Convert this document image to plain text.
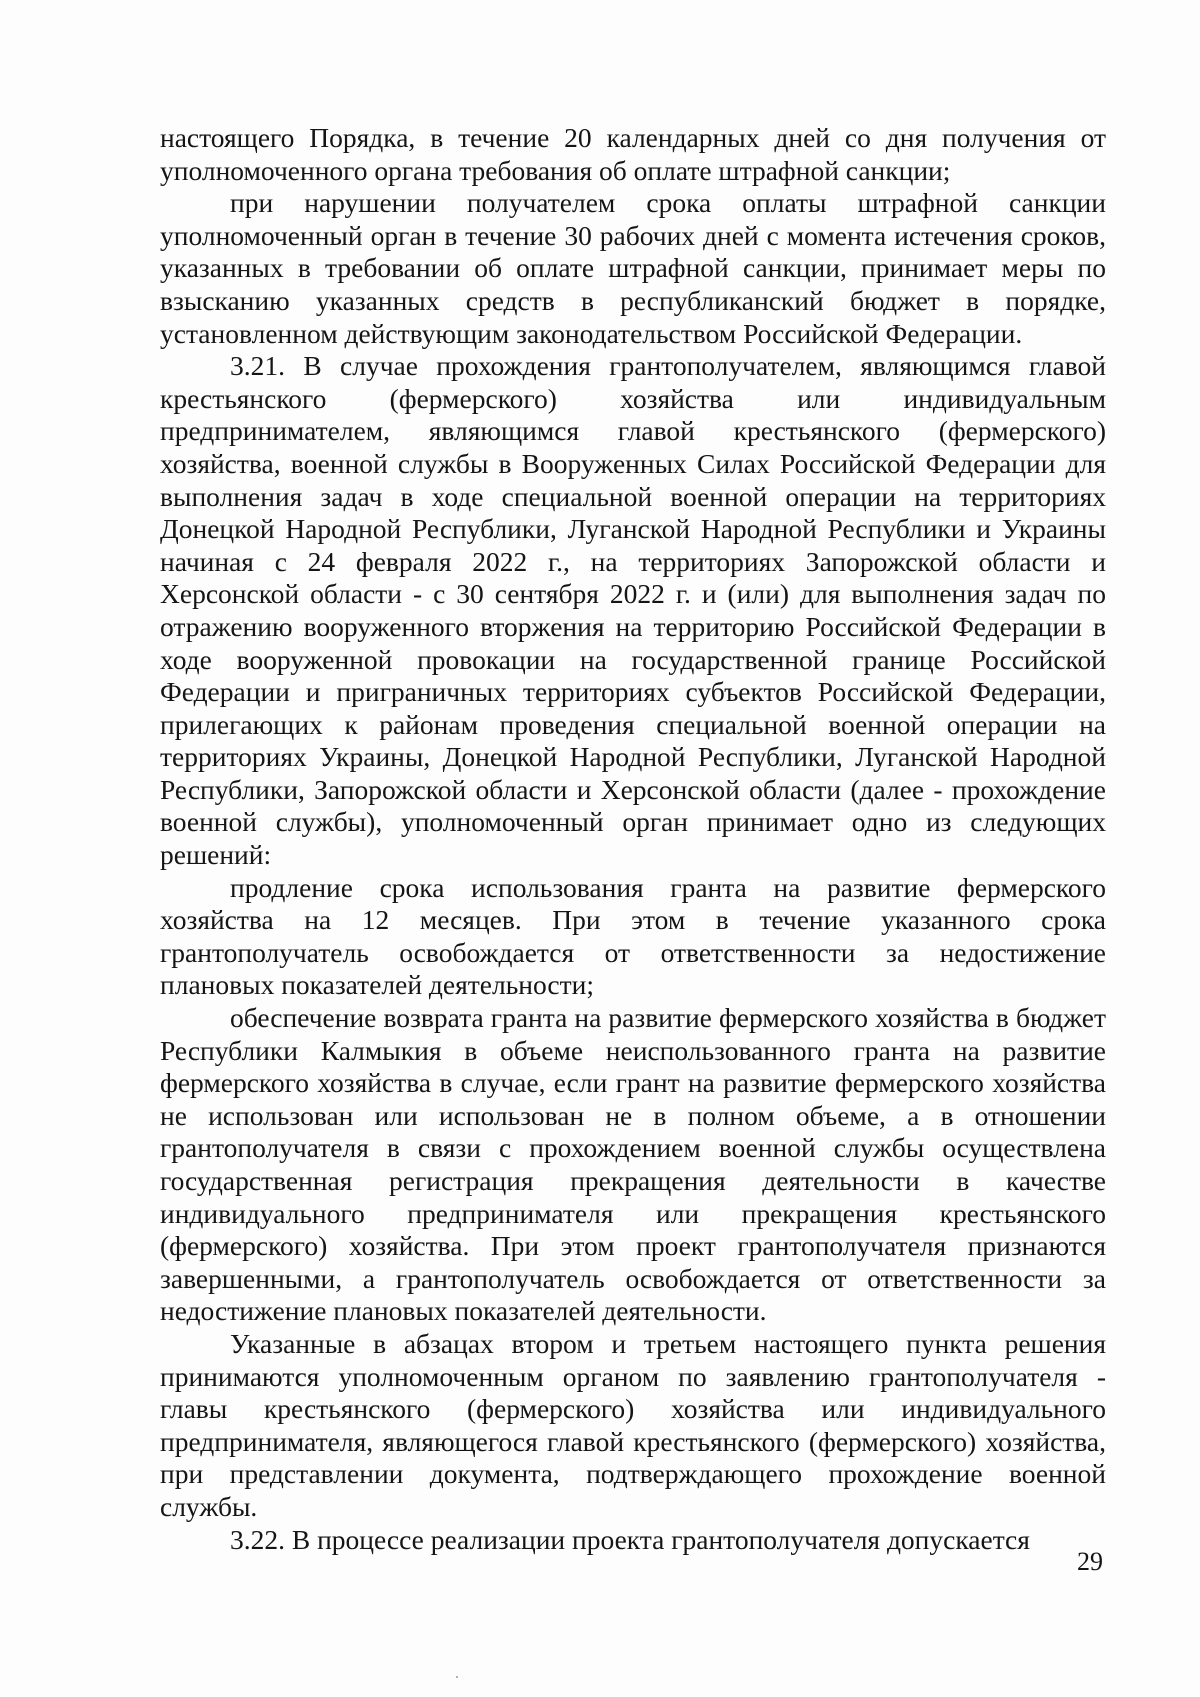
настоящего Порядка, в течение 20 календарных дней со дня получения от уполномоченного органа требования об оплате штрафной санкции;

при нарушении получателем срока оплаты штрафной санкции уполномоченный орган в течение 30 рабочих дней с момента истечения сроков, указанных в требовании об оплате штрафной санкции, принимает меры по взысканию указанных средств в республиканский бюджет в порядке, установленном действующим законодательством Российской Федерации.

3.21. В случае прохождения грантополучателем, являющимся главой крестьянского (фермерского) хозяйства или индивидуальным предпринимателем, являющимся главой крестьянского (фермерского) хозяйства, военной службы в Вооруженных Силах Российской Федерации для выполнения задач в ходе специальной военной операции на территориях Донецкой Народной Республики, Луганской Народной Республики и Украины начиная с 24 февраля 2022 г., на территориях Запорожской области и Херсонской области - с 30 сентября 2022 г. и (или) для выполнения задач по отражению вооруженного вторжения на территорию Российской Федерации в ходе вооруженной провокации на государственной границе Российской Федерации и приграничных территориях субъектов Российской Федерации, прилегающих к районам проведения специальной военной операции на территориях Украины, Донецкой Народной Республики, Луганской Народной Республики, Запорожской области и Херсонской области (далее - прохождение военной службы), уполномоченный орган принимает одно из следующих решений:

продление срока использования гранта на развитие фермерского хозяйства на 12 месяцев. При этом в течение указанного срока грантополучатель освобождается от ответственности за недостижение плановых показателей деятельности;

обеспечение возврата гранта на развитие фермерского хозяйства в бюджет Республики Калмыкия в объеме неиспользованного гранта на развитие фермерского хозяйства в случае, если грант на развитие фермерского хозяйства не использован или использован не в полном объеме, а в отношении грантополучателя в связи с прохождением военной службы осуществлена государственная регистрация прекращения деятельности в качестве индивидуального предпринимателя или прекращения крестьянского (фермерского) хозяйства. При этом проект грантополучателя признаются завершенными, а грантополучатель освобождается от ответственности за недостижение плановых показателей деятельности.

Указанные в абзацах втором и третьем настоящего пункта решения принимаются уполномоченным органом по заявлению грантополучателя - главы крестьянского (фермерского) хозяйства или индивидуального предпринимателя, являющегося главой крестьянского (фермерского) хозяйства, при представлении документа, подтверждающего прохождение военной службы.

3.22. В процессе реализации проекта грантополучателя допускается

29
